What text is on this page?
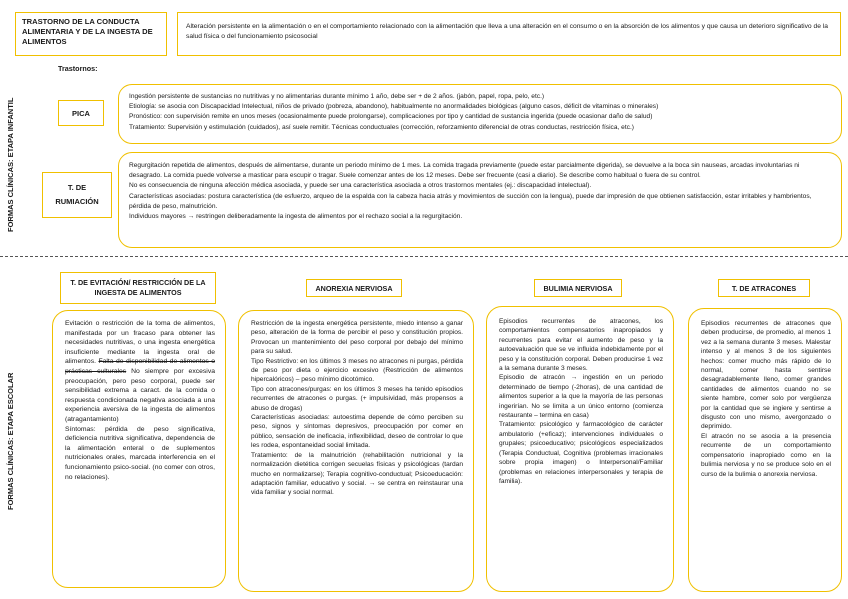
TRASTORNO DE LA CONDUCTA ALIMENTARIA Y DE LA INGESTA DE ALIMENTOS
Alteración persistente en la alimentación o en el comportamiento relacionado con la alimentación que lleva a una alteración en el consumo o en la absorción de los alimentos y que causa un deterioro significativo de la salud física o del funcionamiento psicosocial
Trastornos:
FORMAS CLÍNICAS: ETAPA INFANTIL	PICA

Ingestión persistente de sustancias no nutritivas y no alimentarias durante mínimo 1 año, debe ser + de 2 años. (jabón, papel, ropa, pelo, etc.)

Etiología: se asocia con Discapacidad Intelectual, niños de privado (pobreza, abandono), habitualmente no anormalidades biológicas (alguno casos, déficit de vitaminas o minerales)

Pronóstico: con supervisión remite en unos meses (ocasionalmente puede prolongarse), complicaciones por tipo y cantidad de sustancia ingerida (puede ocasionar daño de salud)

Tratamiento: Supervisión y estimulación (cuidados), así suele remitir. Técnicas conductuales (corrección, reforzamiento diferencial de otras conductas, restricción física, etc.)

T. DE
RUMIACIÓN

Regurgitación repetida de alimentos, después de alimentarse, durante un periodo mínimo de 1 mes. La comida tragada previamente (puede estar parcialmente digerida), se devuelve a la boca sin nauseas, arcadas involuntarias ni desagrado. La comida puede volverse a masticar para escupir o tragar. Suele comenzar antes de los 12 meses. Debe ser frecuente (casi a diario). Se describe como habitual o fuera de su control.

No es consecuencia de ninguna afección médica asociada, y puede ser una característica asociada a otros trastornos mentales (ej.: discapacidad intelectual).

Características asociadas: postura característica (de esfuerzo, arqueo de la espalda con la cabeza hacia atrás y movimientos de succión con la lengua), puede dar impresión de que obtienen satisfacción, estar irritables y hambrientos, pérdida de peso, malnutrición.

Individuos mayores → restringen deliberadamente la ingesta de alimentos por el rechazo social a la regurgitación.

FORMAS CLÍNICAS: ETAPA ESCOLAR
T. DE EVITACIÓN/ RESTRICCIÓN DE LA INGESTA DE ALIMENTOS
Evitación o restricción de la toma de alimentos, manifestada por un fracaso para obtener las necesidades nutritivas, o una ingesta energética insuficiente mediante la ingesta oral de alimentos. Falta de disponibilidad de alimentos o prácticas culturales No siempre por excesiva preocupación, pero peso corporal, puede ser sensibilidad extrema a caract. de la comida o respuesta condicionada negativa asociada a una experiencia aversiva de la ingesta de alimentos (atragantamiento)

Síntomas: pérdida de peso significativa, deficiencia nutritiva significativa, dependencia de la alimentación enteral o de suplementos nutricionales orales, marcada interferencia en el funcionamiento psico-social. (no comer con otros, no relaciones).

ANOREXIA NERVIOSA

Restricción de la ingesta energética persistente, miedo intenso a ganar peso, alteración de la forma de percibir el peso y constitución propios. Provocan un mantenimiento del peso corporal por debajo del mínimo para su salud.

Tipo Restrictivo: en los últimos 3 meses no atracones ni purgas, pérdida de peso por dieta o ejercicio excesivo (Restricción de alimentos hipercalóricos) – peso mínimo dicotómico.

Tipo con atracones/purgas: en los últimos 3 meses ha tenido episodios recurrentes de atracones o purgas. (+ impulsividad, más propensos a abuso de drogas)

Características asociadas: autoestima depende de cómo perciben su peso, signos y síntomas depresivos, preocupación por comer en público, sensación de ineficacia, inflexibilidad, deseo de controlar lo que les rodea, espontaneidad social limitada.

Tratamiento: de la malnutrición (rehabilitación nutricional y la normalización dietética corrigen secuelas físicas y psicológicas (tardan mucho en normalizarse); Terapia cognitivo-conductual; Psicoeducación: adaptación familiar, educativo y social. → se centra en reinstaurar una vida familiar y social normal.

BULIMIA NERVIOSA

Episodios recurrentes de atracones, los comportamientos compensatorios inapropiados y recurrentes para evitar el aumento de peso y la autoevaluación que se ve influida indebidamente por el peso y la constitución corporal. Deben producirse 1 vez a la semana durante 3 meses.

Episodio de atracón → ingestión en un periodo determinado de tiempo (-2horas), de una cantidad de alimentos superior a la que la mayoría de las personas ingerirían. No se limita a un único entorno (comienza restaurante – termina en casa)

Tratamiento: psicológico y farmacológico de carácter ambulatorio (+eficaz); intervenciones individuales o grupales; psicoeducativo; psicológicos especializados (Terapia Conductual, Cognitiva (problemas irracionales sobre propia imagen) o Interpersonal/Familiar (problemas en relaciones interpersonales y terapia de familia).

T. DE ATRACONES

Episodios recurrentes de atracones que deben producirse, de promedio, al menos 1 vez a la semana durante 3 meses. Malestar intenso y al menos 3 de los siguientes hechos: comer mucho más rápido de lo normal, comer hasta sentirse desagradablemente lleno, comer grandes cantidades de alimentos cuando no se siente hambre, comer solo por vergüenza por la cantidad que se ingiere y sentirse a disgusto con uno mismo, avergonzado o deprimido.

El atracón no se asocia a la presencia recurrente de un comportamiento compensatorio inapropiado como en la bulimia nerviosa y no se produce solo en el curso de la bulimia o anorexia nerviosa.
